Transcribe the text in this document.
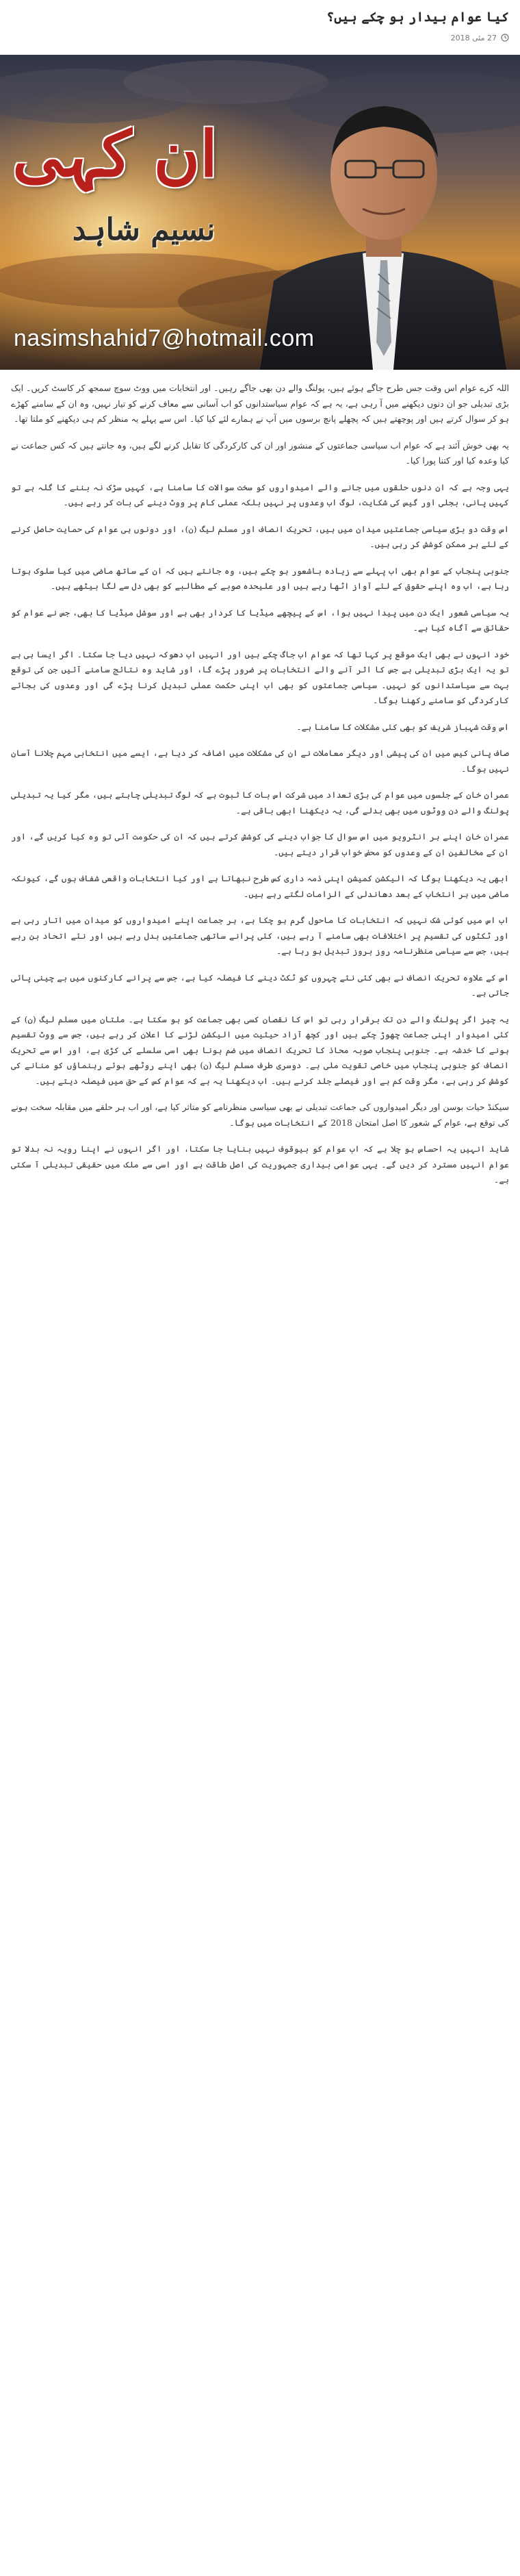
کیا عوام بیدار ہو چکے ہیں؟
27 مئی 2018
ان کہی
نسیم شاہد
nasimshahid7@hotmail.com

اللہ کرے عوام اس وقت جس طرح جاگے ہوئے ہیں، پولنگ والے دن بھی جاگے رہیں۔ اور انتخابات میں ووٹ سوچ سمجھ کر کاسٹ کریں۔ ایک بڑی تبدیلی جو ان دنوں دیکھنے میں آ رہی ہے، یہ ہے کہ عوام سیاستدانوں کو اب آسانی سے معاف کرنے کو تیار نہیں، وہ ان کے سامنے کھڑے ہو کر سوال کرتے ہیں اور پوچھتے ہیں کہ پچھلے پانچ برسوں میں آپ نے ہمارے لئے کیا کیا۔ اس سے پہلے یہ منظر کم ہی دیکھنے کو ملتا تھا۔

یہ بھی خوش آئند ہے کہ عوام اب سیاسی جماعتوں کے منشور اور ان کی کارکردگی کا تقابل کرنے لگے ہیں، وہ جانتے ہیں کہ کس جماعت نے کیا وعدہ کیا اور کتنا پورا کیا۔

یہی وجہ ہے کہ ان دنوں حلقوں میں جانے والے امیدواروں کو سخت سوالات کا سامنا ہے، کہیں سڑک نہ بننے کا گلہ ہے تو کہیں پانی، بجلی اور گیس کی شکایت، لوگ اب وعدوں پر نہیں بلکہ عملی کام پر ووٹ دینے کی بات کر رہے ہیں۔

اس وقت دو بڑی سیاسی جماعتیں میدان میں ہیں، تحریک انصاف اور مسلم لیگ (ن)، اور دونوں ہی عوام کی حمایت حاصل کرنے کے لئے ہر ممکن کوشش کر رہی ہیں۔

جنوبی پنجاب کے عوام بھی اب پہلے سے زیادہ باشعور ہو چکے ہیں، وہ جانتے ہیں کہ ان کے ساتھ ماضی میں کیا سلوک ہوتا رہا ہے، اب وہ اپنے حقوق کے لئے آواز اٹھا رہے ہیں اور علیحدہ صوبے کے مطالبے کو بھی دل سے لگا بیٹھے ہیں۔

یہ سیاسی شعور ایک دن میں پیدا نہیں ہوا، اس کے پیچھے میڈیا کا کردار بھی ہے اور سوشل میڈیا کا بھی، جس نے عوام کو حقائق سے آگاہ کیا ہے۔

خود انہوں نے بھی ایک موقع پر کہا تھا کہ عوام اب جاگ چکے ہیں اور انہیں اب دھوکہ نہیں دیا جا سکتا۔ اگر ایسا ہی ہے تو یہ ایک بڑی تبدیلی ہے جس کا اثر آنے والے انتخابات پر ضرور پڑے گا، اور شاید وہ نتائج سامنے آئیں جن کی توقع بہت سے سیاستدانوں کو نہیں۔ سیاسی جماعتوں کو بھی اب اپنی حکمت عملی تبدیل کرنا پڑے گی اور وعدوں کی بجائے کارکردگی کو سامنے رکھنا ہوگا۔

اس وقت شہباز شریف کو بھی کئی مشکلات کا سامنا ہے۔

صاف پانی کیس میں ان کی پیشی اور دیگر معاملات نے ان کی مشکلات میں اضافہ کر دیا ہے، ایسے میں انتخابی مہم چلانا آسان نہیں ہوگا۔

عمران خان کے جلسوں میں عوام کی بڑی تعداد میں شرکت اس بات کا ثبوت ہے کہ لوگ تبدیلی چاہتے ہیں، مگر کیا یہ تبدیلی پولنگ والے دن ووٹوں میں بھی بدلے گی، یہ دیکھنا ابھی باقی ہے۔

عمران خان اپنے ہر انٹرویو میں اس سوال کا جواب دینے کی کوشش کرتے ہیں کہ ان کی حکومت آئی تو وہ کیا کریں گے، اور ان کے مخالفین ان کے وعدوں کو محض خواب قرار دیتے ہیں۔

ابھی یہ دیکھنا ہوگا کہ الیکشن کمیشن اپنی ذمہ داری کس طرح نبھاتا ہے اور کیا انتخابات واقعی شفاف ہوں گے، کیونکہ ماضی میں ہر انتخاب کے بعد دھاندلی کے الزامات لگتے رہے ہیں۔

اب اس میں کوئی شک نہیں کہ انتخابات کا ماحول گرم ہو چکا ہے، ہر جماعت اپنے امیدواروں کو میدان میں اتار رہی ہے اور ٹکٹوں کی تقسیم پر اختلافات بھی سامنے آ رہے ہیں، کئی پرانے ساتھی جماعتیں بدل رہے ہیں اور نئے اتحاد بن رہے ہیں، جس سے سیاسی منظرنامہ روز بروز تبدیل ہو رہا ہے۔

اس کے علاوہ تحریک انصاف نے بھی کئی نئے چہروں کو ٹکٹ دینے کا فیصلہ کیا ہے، جس سے پرانے کارکنوں میں بے چینی پائی جاتی ہے۔

یہ چیز اگر پولنگ والے دن تک برقرار رہی تو اس کا نقصان کسی بھی جماعت کو ہو سکتا ہے۔ ملتان میں مسلم لیگ (ن) کے کئی امیدوار اپنی جماعت چھوڑ چکے ہیں اور کچھ آزاد حیثیت میں الیکشن لڑنے کا اعلان کر رہے ہیں، جس سے ووٹ تقسیم ہونے کا خدشہ ہے۔ جنوبی پنجاب صوبہ محاذ کا تحریک انصاف میں ضم ہونا بھی اسی سلسلے کی کڑی ہے، اور اس سے تحریک انصاف کو جنوبی پنجاب میں خاصی تقویت ملی ہے۔ دوسری طرف مسلم لیگ (ن) بھی اپنے روٹھے ہوئے رہنماؤں کو منانے کی کوشش کر رہی ہے، مگر وقت کم ہے اور فیصلے جلد کرنے ہیں۔ اب دیکھنا یہ ہے کہ عوام کس کے حق میں فیصلہ دیتے ہیں۔

سیکنڈ حیات بوسن اور دیگر امیدواروں کی جماعت تبدیلی نے بھی سیاسی منظرنامے کو متاثر کیا ہے، اور اب ہر حلقے میں مقابلہ سخت ہونے کی توقع ہے، عوام کے شعور کا اصل امتحان 2018 کے انتخابات میں ہوگا۔

شاید انہیں یہ احساس ہو چلا ہے کہ اب عوام کو بیوقوف نہیں بنایا جا سکتا، اور اگر انہوں نے اپنا رویہ نہ بدلا تو عوام انہیں مسترد کر دیں گے۔ یہی عوامی بیداری جمہوریت کی اصل طاقت ہے اور اسی سے ملک میں حقیقی تبدیلی آ سکتی ہے۔
